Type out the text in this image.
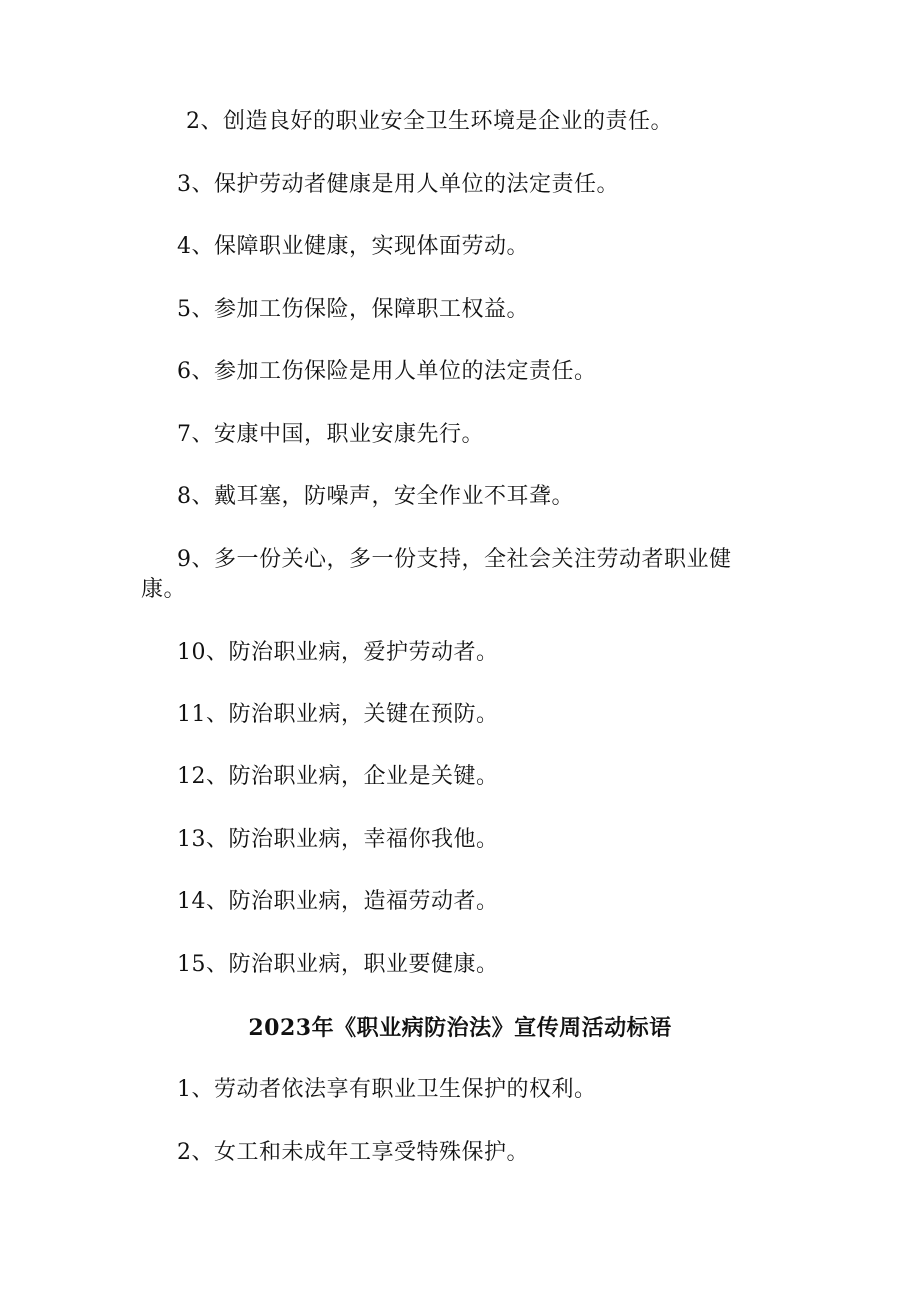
2、创造良好的职业安全卫生环境是企业的责任。
3、保护劳动者健康是用人单位的法定责任。
4、保障职业健康，实现体面劳动。
5、参加工伤保险，保障职工权益。
6、参加工伤保险是用人单位的法定责任。
7、安康中国，职业安康先行。
8、戴耳塞，防噪声，安全作业不耳聋。
9、多一份关心，多一份支持，全社会关注劳动者职业健康。
10、防治职业病，爱护劳动者。
11、防治职业病，关键在预防。
12、防治职业病，企业是关键。
13、防治职业病，幸福你我他。
14、防治职业病，造福劳动者。
15、防治职业病，职业要健康。
2023年《职业病防治法》宣传周活动标语
1、劳动者依法享有职业卫生保护的权利。
2、女工和未成年工享受特殊保护。
